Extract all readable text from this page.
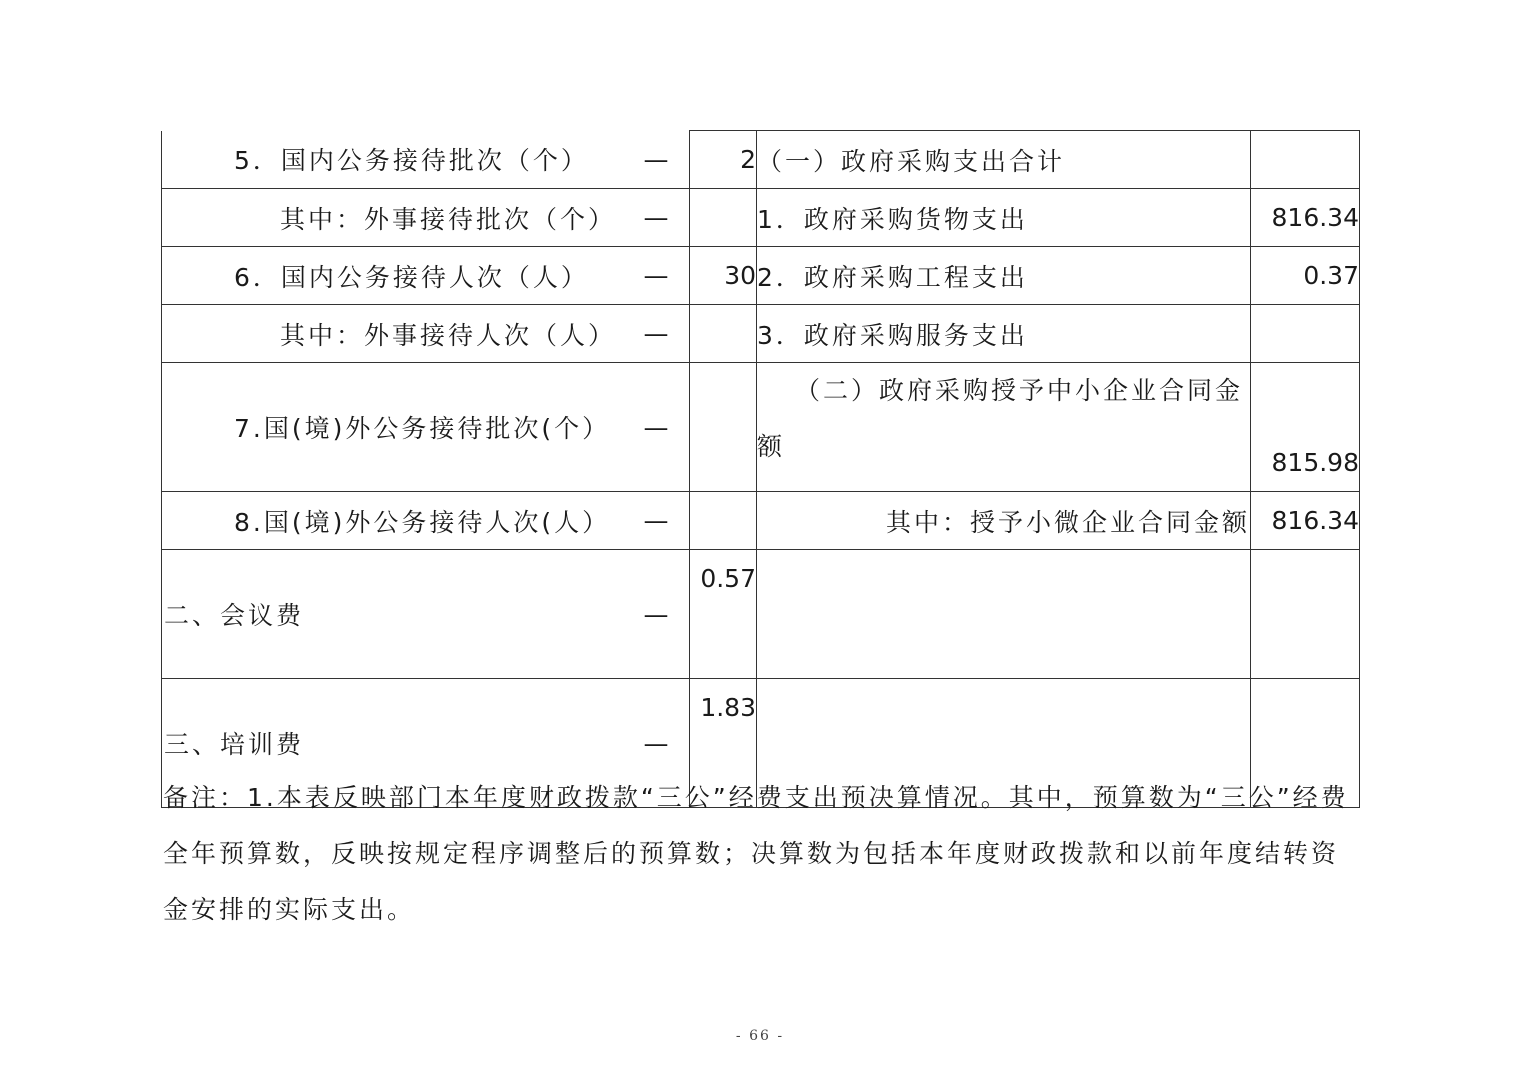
5．国内公务接待批次（个） —	2	（一）政府采购支出合计	

其中：外事接待批次（个） —		1．政府采购货物支出	816.34

6．国内公务接待人次（人） —	30	2．政府采购工程支出	0.37

其中：外事接待人次（人） —		3．政府采购服务支出	

7.国(境)外公务接待批次(个） —		（二）政府采购授予中小企业合同金
额	815.98

8.国(境)外公务接待人次(人） —		其中：授予小微企业合同金额	816.34

二、会议费 —	0.57		

三、培训费 —	1.83		
备注：1.本表反映部门本年度财政拨款“三公”经费支出预决算情况。其中，预算数为“三公”经费全年预算数，反映按规定程序调整后的预算数；决算数为包括本年度财政拨款和以前年度结转资金安排的实际支出。
- 66 -
